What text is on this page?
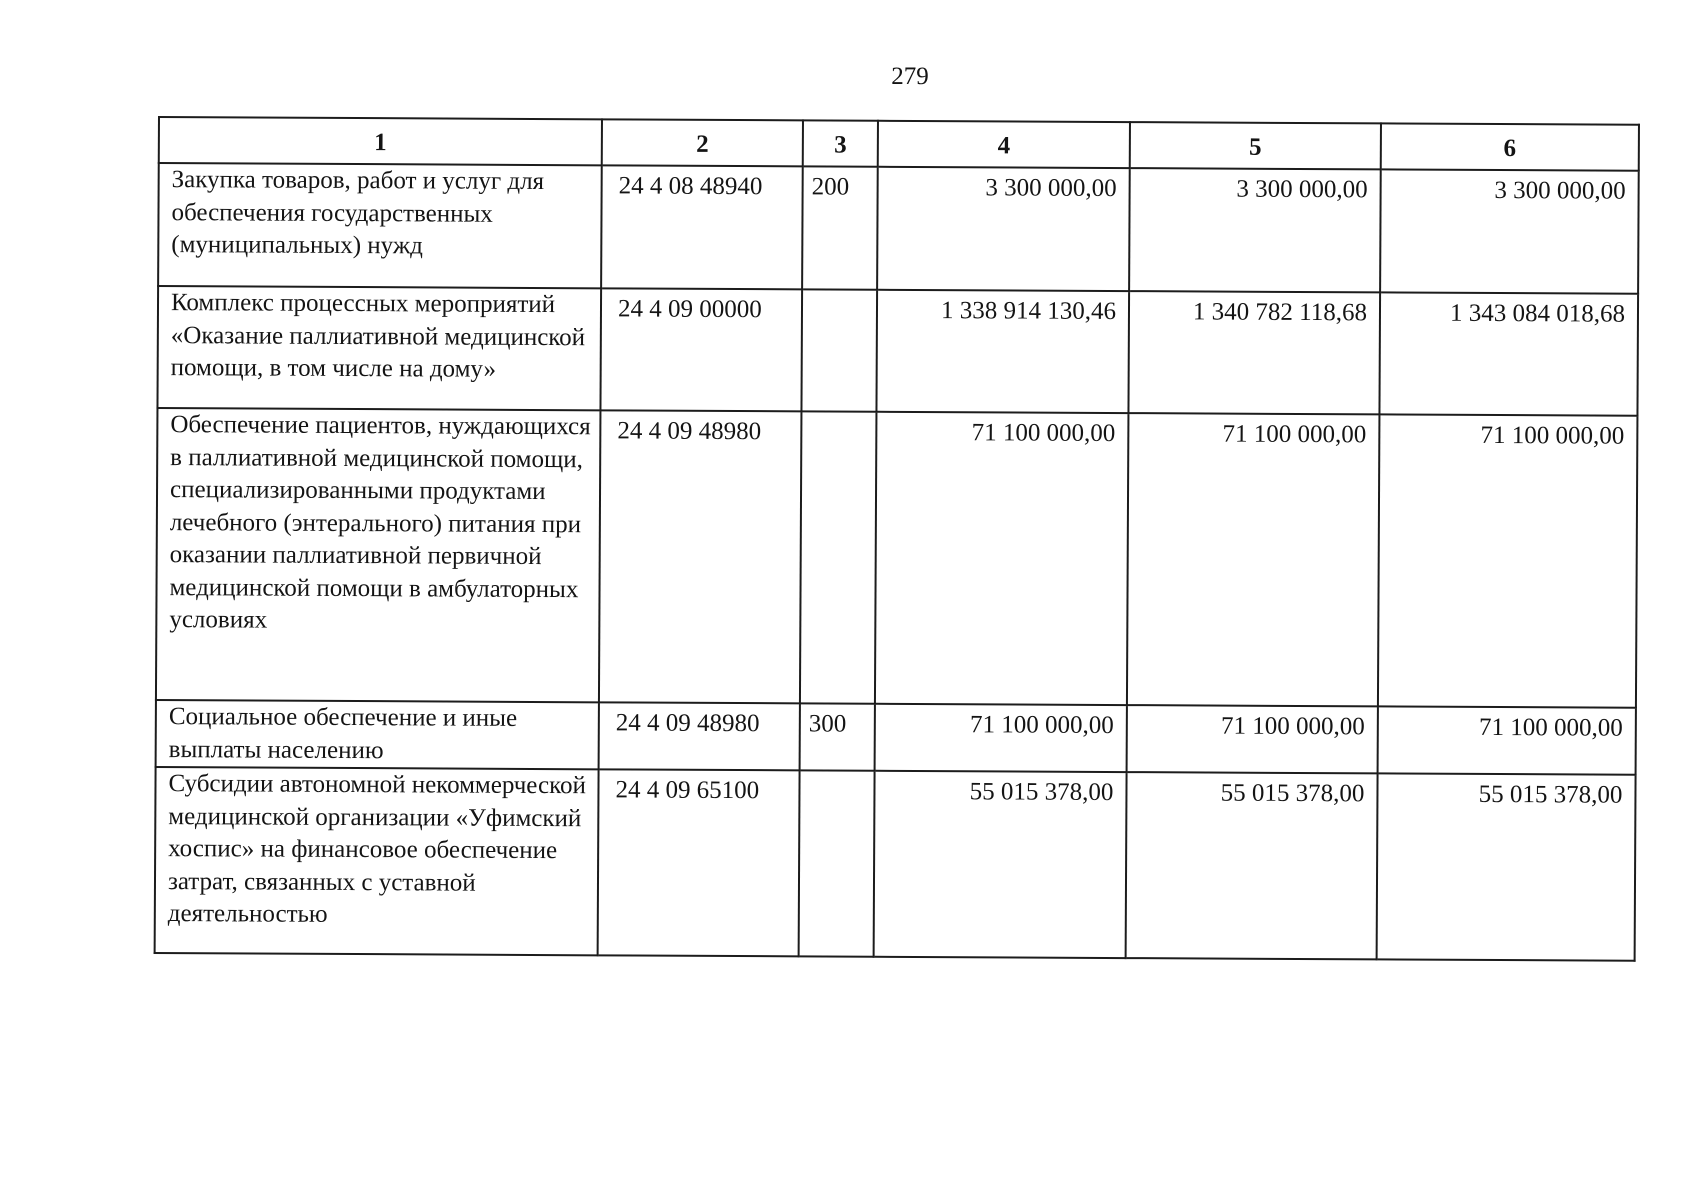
279
1	2	3	4	5	6
Закупка товаров, работ и услуг для обеспечения государственных (муниципальных) нужд	24 4 08 48940	200	3 300 000,00	3 300 000,00	3 300 000,00
Комплекс процессных мероприятий «Оказание паллиативной медицинской помощи, в том числе на дому»	24 4 09 00000		1 338 914 130,46	1 340 782 118,68	1 343 084 018,68
Обеспечение пациентов, нуждающихся в паллиативной медицинской помощи, специализированными продуктами лечебного (энтерального) питания при оказании паллиативной первичной медицинской помощи в амбулаторных условиях	24 4 09 48980		71 100 000,00	71 100 000,00	71 100 000,00
Социальное обеспечение и иные выплаты населению	24 4 09 48980	300	71 100 000,00	71 100 000,00	71 100 000,00
Субсидии автономной некоммерческой медицинской организации «Уфимский хоспис» на финансовое обеспечение затрат, связанных с уставной деятельностью	24 4 09 65100		55 015 378,00	55 015 378,00	55 015 378,00
